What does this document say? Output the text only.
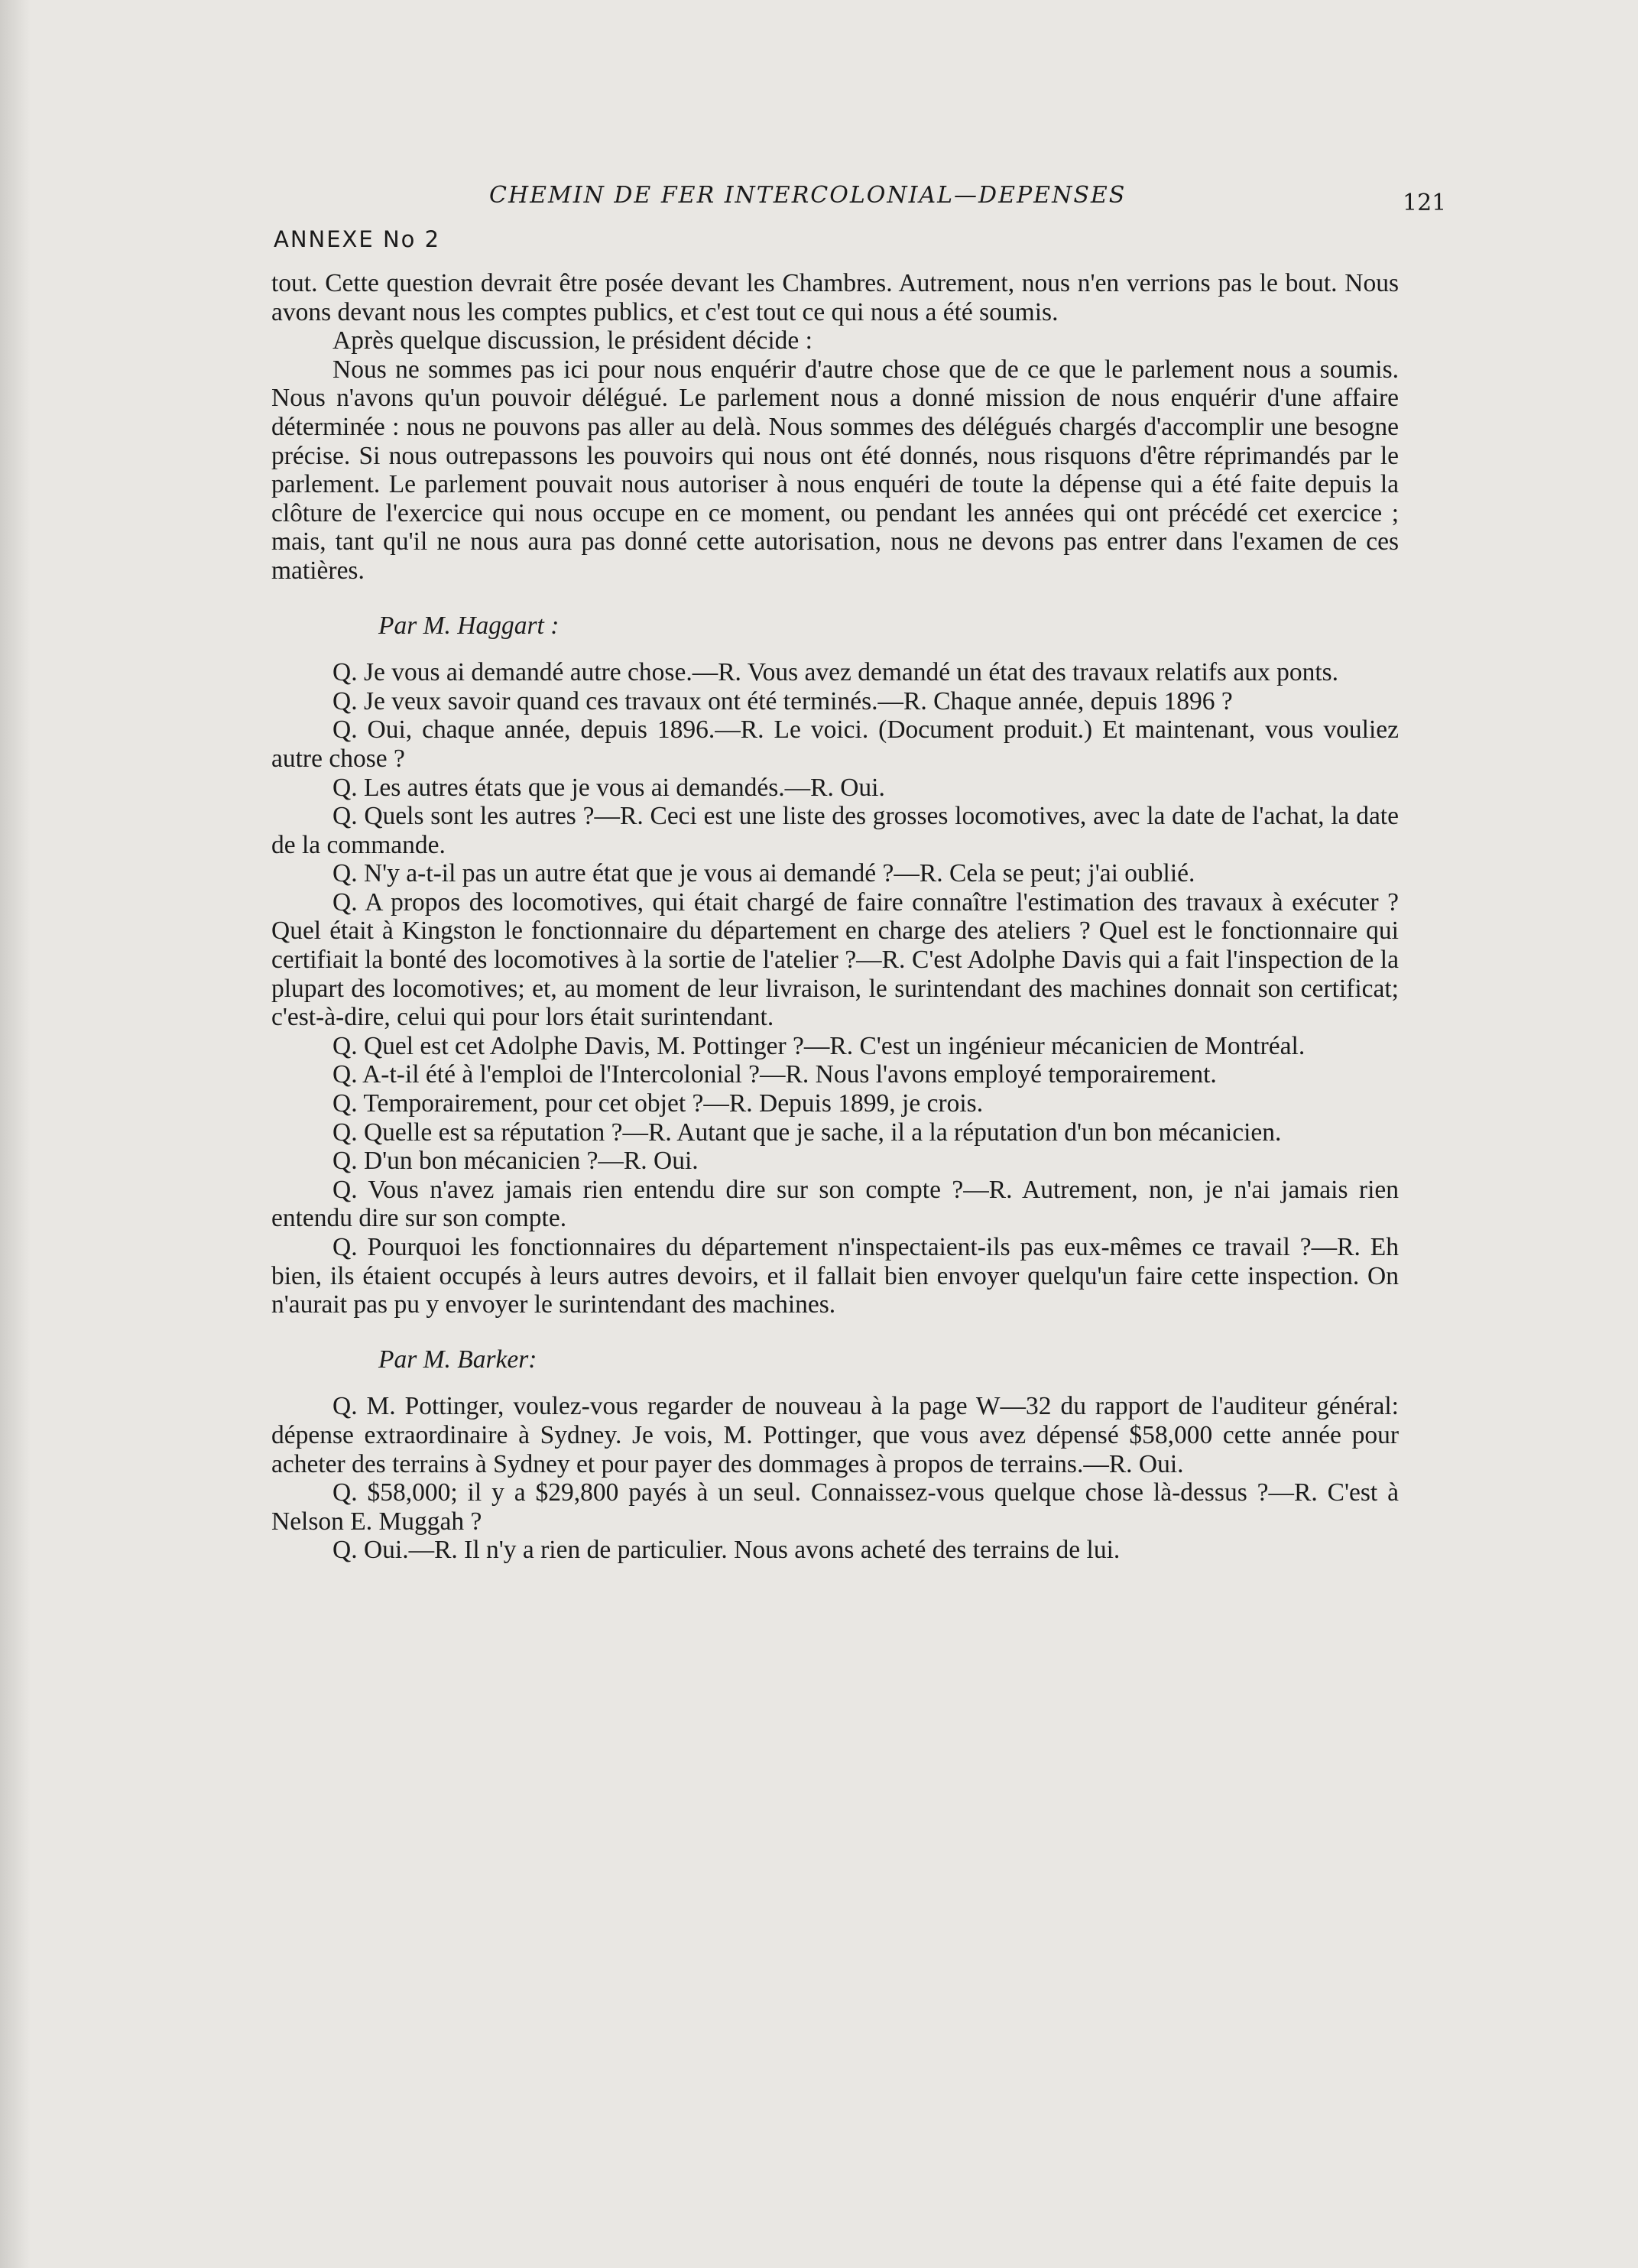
CHEMIN DE FER INTERCOLONIAL—DEPENSES	121
ANNEXE No 2

tout. Cette question devrait être posée devant les Chambres. Autrement, nous n'en verrions pas le bout. Nous avons devant nous les comptes publics, et c'est tout ce qui nous a été soumis.

Après quelque discussion, le président décide :

Nous ne sommes pas ici pour nous enquérir d'autre chose que de ce que le parlement nous a soumis. Nous n'avons qu'un pouvoir délégué. Le parlement nous a donné mission de nous enquérir d'une affaire déterminée : nous ne pouvons pas aller au delà. Nous sommes des délégués chargés d'accomplir une besogne précise. Si nous outrepassons les pouvoirs qui nous ont été donnés, nous risquons d'être réprimandés par le parlement. Le parlement pouvait nous autoriser à nous enquéri de toute la dépense qui a été faite depuis la clôture de l'exercice qui nous occupe en ce moment, ou pendant les années qui ont précédé cet exercice ; mais, tant qu'il ne nous aura pas donné cette autorisation, nous ne devons pas entrer dans l'examen de ces matières.

Par M. Haggart :

Q. Je vous ai demandé autre chose.—R. Vous avez demandé un état des travaux relatifs aux ponts.

Q. Je veux savoir quand ces travaux ont été terminés.—R. Chaque année, depuis 1896 ?

Q. Oui, chaque année, depuis 1896.—R. Le voici. (Document produit.) Et maintenant, vous vouliez autre chose ?

Q. Les autres états que je vous ai demandés.—R. Oui.

Q. Quels sont les autres ?—R. Ceci est une liste des grosses locomotives, avec la date de l'achat, la date de la commande.

Q. N'y a-t-il pas un autre état que je vous ai demandé ?—R. Cela se peut; j'ai oublié.

Q. A propos des locomotives, qui était chargé de faire connaître l'estimation des travaux à exécuter ? Quel était à Kingston le fonctionnaire du département en charge des ateliers ? Quel est le fonctionnaire qui certifiait la bonté des locomotives à la sortie de l'atelier ?—R. C'est Adolphe Davis qui a fait l'inspection de la plupart des locomotives; et, au moment de leur livraison, le surintendant des machines donnait son certificat; c'est-à-dire, celui qui pour lors était surintendant.

Q. Quel est cet Adolphe Davis, M. Pottinger ?—R. C'est un ingénieur mécanicien de Montréal.

Q. A-t-il été à l'emploi de l'Intercolonial ?—R. Nous l'avons employé temporairement.

Q. Temporairement, pour cet objet ?—R. Depuis 1899, je crois.

Q. Quelle est sa réputation ?—R. Autant que je sache, il a la réputation d'un bon mécanicien.

Q. D'un bon mécanicien ?—R. Oui.

Q. Vous n'avez jamais rien entendu dire sur son compte ?—R. Autrement, non, je n'ai jamais rien entendu dire sur son compte.

Q. Pourquoi les fonctionnaires du département n'inspectaient-ils pas eux-mêmes ce travail ?—R. Eh bien, ils étaient occupés à leurs autres devoirs, et il fallait bien envoyer quelqu'un faire cette inspection. On n'aurait pas pu y envoyer le surintendant des machines.

Par M. Barker:

Q. M. Pottinger, voulez-vous regarder de nouveau à la page W—32 du rapport de l'auditeur général: dépense extraordinaire à Sydney. Je vois, M. Pottinger, que vous avez dépensé $58,000 cette année pour acheter des terrains à Sydney et pour payer des dommages à propos de terrains.—R. Oui.

Q. $58,000; il y a $29,800 payés à un seul. Connaissez-vous quelque chose là-dessus ?—R. C'est à Nelson E. Muggah ?

Q. Oui.—R. Il n'y a rien de particulier. Nous avons acheté des terrains de lui.
